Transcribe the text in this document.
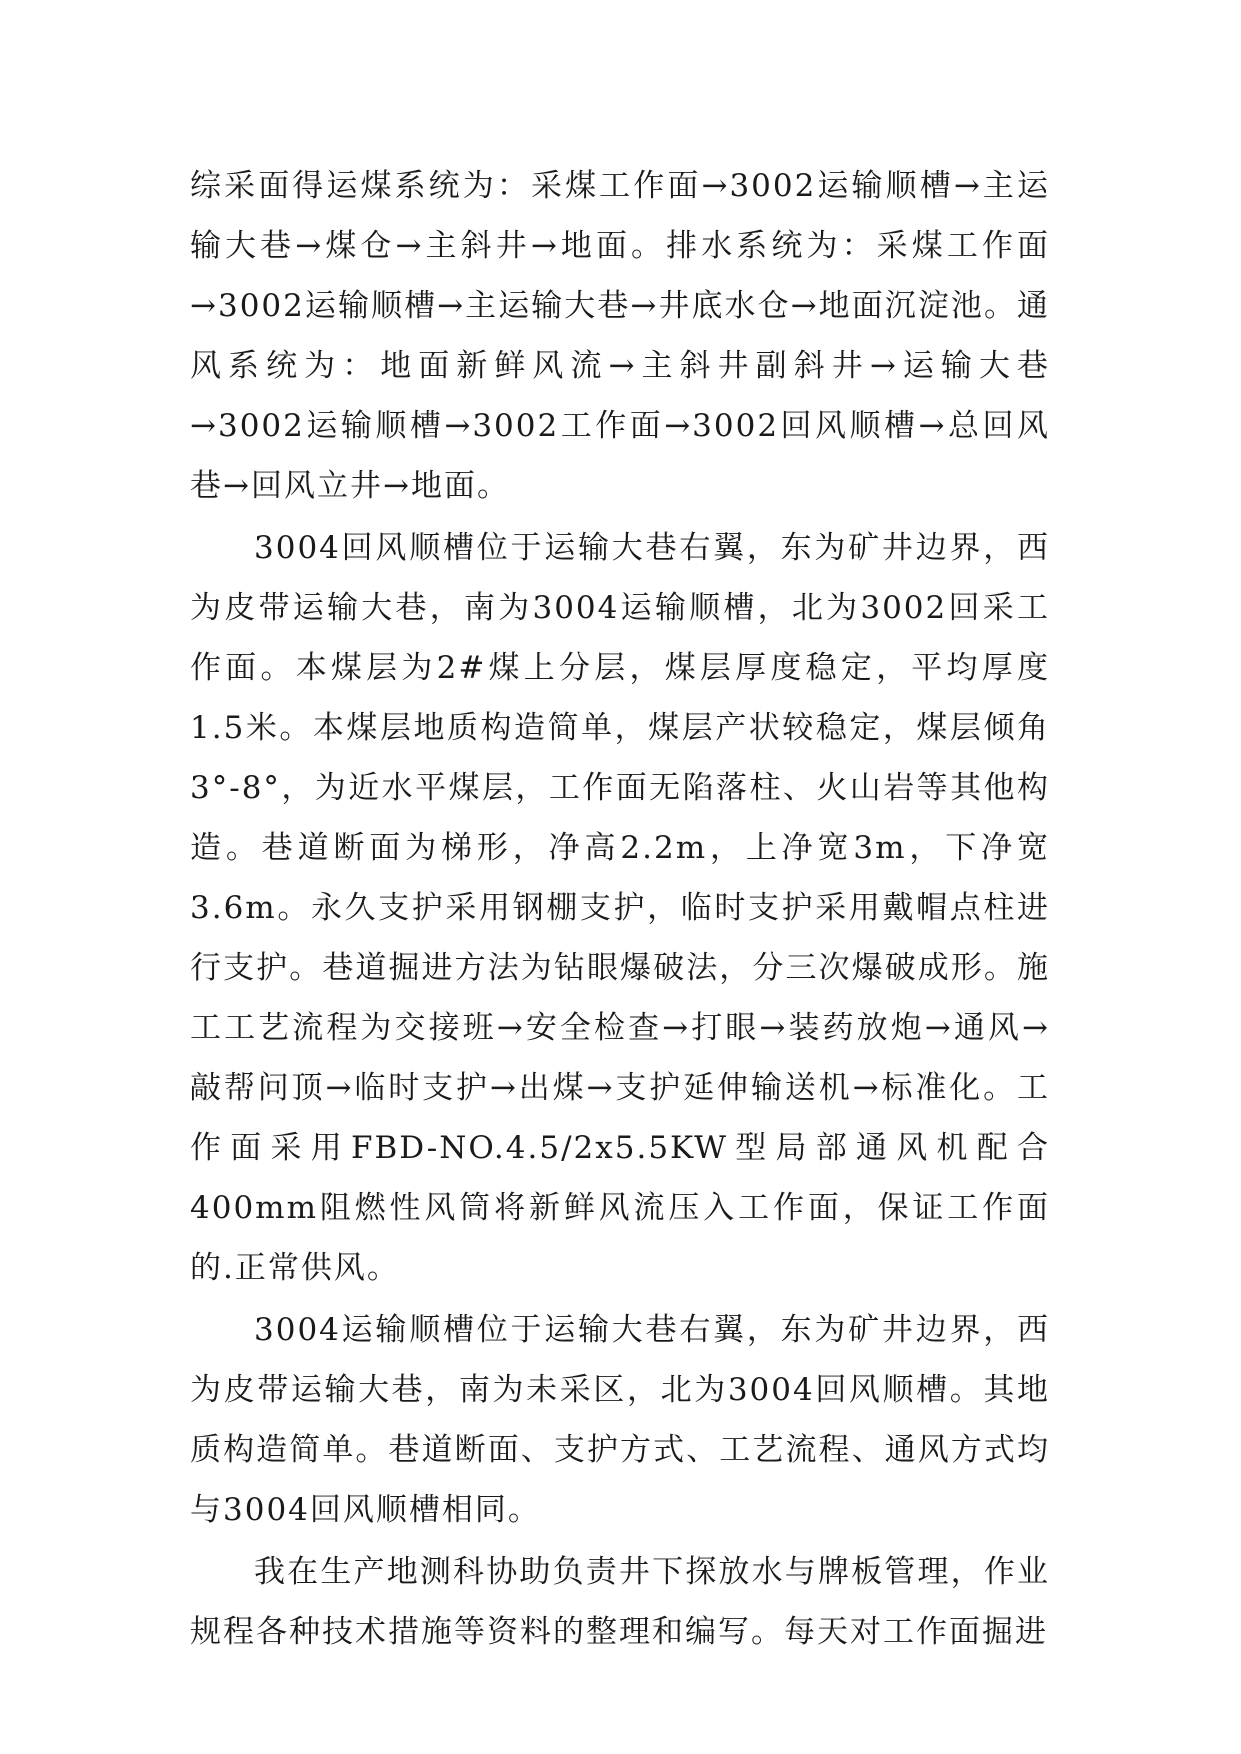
综采面得运煤系统为：采煤工作面→3002运输顺槽→主运输大巷→煤仓→主斜井→地面。排水系统为：采煤工作面→3002运输顺槽→主运输大巷→井底水仓→地面沉淀池。通风系统为：地面新鲜风流→主斜井副斜井→运输大巷→3002运输顺槽→3002工作面→3002回风顺槽→总回风巷→回风立井→地面。

3004回风顺槽位于运输大巷右翼，东为矿井边界，西为皮带运输大巷，南为3004运输顺槽，北为3002回采工作面。本煤层为2#煤上分层，煤层厚度稳定，平均厚度1.5米。本煤层地质构造简单，煤层产状较稳定，煤层倾角3°-8°，为近水平煤层，工作面无陷落柱、火山岩等其他构造。巷道断面为梯形，净高2.2m，上净宽3m，下净宽3.6m。永久支护采用钢棚支护，临时支护采用戴帽点柱进行支护。巷道掘进方法为钻眼爆破法，分三次爆破成形。施工工艺流程为交接班→安全检查→打眼→装药放炮→通风→敲帮问顶→临时支护→出煤→支护延伸输送机→标准化。工作面采用FBD-NO.4.5/2x5.5KW型局部通风机配合400mm阻燃性风筒将新鲜风流压入工作面，保证工作面的.正常供风。

3004运输顺槽位于运输大巷右翼，东为矿井边界，西为皮带运输大巷，南为未采区，北为3004回风顺槽。其地质构造简单。巷道断面、支护方式、工艺流程、通风方式均与3004回风顺槽相同。

我在生产地测科协助负责井下探放水与牌板管理，作业规程各种技术措施等资料的整理和编写。每天对工作面掘进
